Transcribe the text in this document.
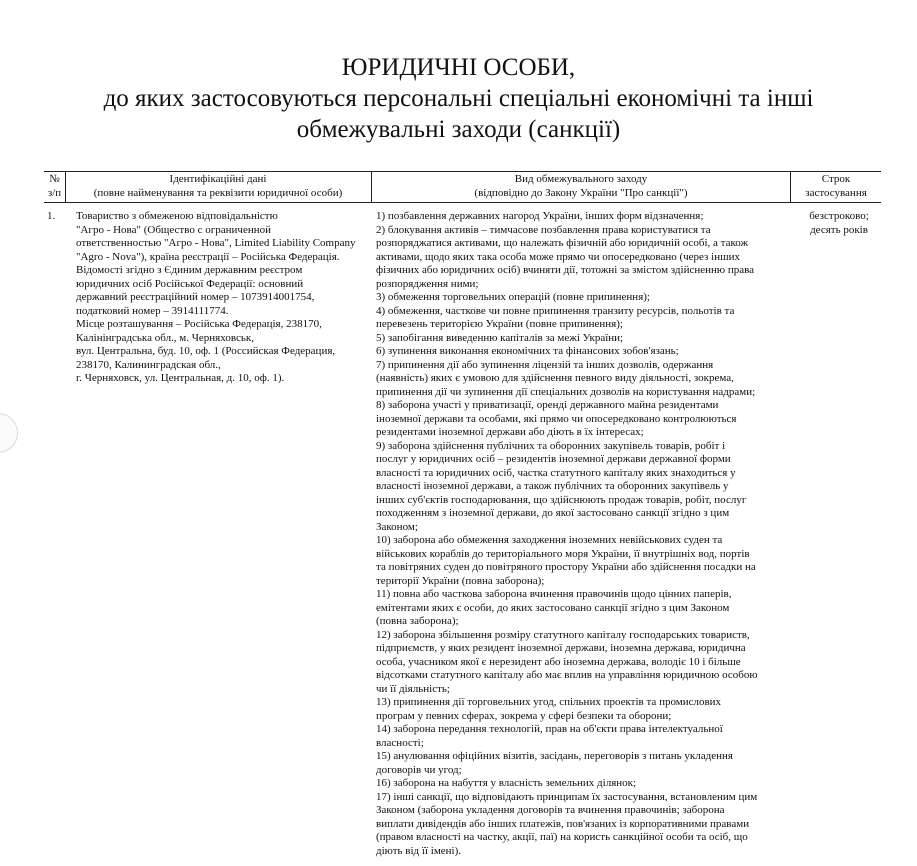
ЮРИДИЧНІ ОСОБИ,
до яких застосовуються персональні спеціальні економічні та інші
обмежувальні заходи (санкції)
№
з/п
Ідентифікаційні дані
(повне найменування та реквізити юридичної особи)
Вид обмежувального заходу
(відповідно до Закону України "Про санкції")
Строк
застосування
1.	Товариство з обмеженою відповідальністю
"Агро - Нова" (Общество с ограниченной
ответственностью "Агро - Нова", Limited Liability Company
"Agro - Nova"), країна реєстрації – Російська Федерація.
Відомості згідно з Єдиним державним реєстром
юридичних осіб Російської Федерації: основний
державний реєстраційний номер – 1073914001754,
податковий номер – 3914111774.
Місце розташування – Російська Федерація, 238170,
Калінінградська обл., м. Черняховськ,
вул. Центральна, буд. 10, оф. 1 (Российская Федерация,
238170, Калининградская обл.,
г. Черняховск, ул. Центральная, д. 10, оф. 1).
1) позбавлення державних нагород України, інших форм відзначення;
2) блокування активів – тимчасове позбавлення права користуватися та
розпоряджатися активами, що належать фізичній або юридичній особі, а також
активами, щодо яких така особа може прямо чи опосередковано (через інших
фізичних або юридичних осіб) вчиняти дії, тотожні за змістом здійсненню права
розпорядження ними;
3) обмеження торговельних операцій (повне припинення);
4) обмеження, часткове чи повне припинення транзиту ресурсів, польотів та
перевезень територією України (повне припинення);
5) запобігання виведенню капіталів за межі України;
6) зупинення виконання економічних та фінансових зобов'язань;
7) припинення дії або зупинення ліцензій та інших дозволів, одержання
(наявність) яких є умовою для здійснення певного виду діяльності, зокрема,
припинення дії чи зупинення дії спеціальних дозволів на користування надрами;
8) заборона участі у приватизації, оренді державного майна резидентами
іноземної держави та особами, які прямо чи опосередковано контролюються
резидентами іноземної держави або діють в їх інтересах;
9) заборона здійснення публічних та оборонних закупівель товарів, робіт і
послуг у юридичних осіб – резидентів іноземної держави державної форми
власності та юридичних осіб, частка статутного капіталу яких знаходиться у
власності іноземної держави, а також публічних та оборонних закупівель у
інших суб'єктів господарювання, що здійснюють продаж товарів, робіт, послуг
походженням з іноземної держави, до якої застосовано санкції згідно з цим
Законом;
10) заборона або обмеження заходження іноземних невійськових суден та
військових кораблів до територіального моря України, її внутрішніх вод, портів
та повітряних суден до повітряного простору України або здійснення посадки на
території України (повна заборона);
11) повна або часткова заборона вчинення правочинів щодо цінних паперів,
емітентами яких є особи, до яких застосовано санкції згідно з цим Законом
(повна заборона);
12) заборона збільшення розміру статутного капіталу господарських товариств,
підприємств, у яких резидент іноземної держави, іноземна держава, юридична
особа, учасником якої є нерезидент або іноземна держава, володіє 10 і більше
відсотками статутного капіталу або має вплив на управління юридичною особою
чи її діяльність;
13) припинення дії торговельних угод, спільних проектів та промислових
програм у певних сферах, зокрема у сфері безпеки та оборони;
14) заборона передання технологій, прав на об'єкти права інтелектуальної
власності;
15) анулювання офіційних візитів, засідань, переговорів з питань укладення
договорів чи угод;
16) заборона на набуття у власність земельних ділянок;
17) інші санкції, що відповідають принципам їх застосування, встановленим цим
Законом (заборона укладення договорів та вчинення правочинів; заборона
виплати дивідендів або інших платежів, пов'язаних із корпоративними правами
(правом власності на частку, акції, паї) на користь санкційної особи та осіб, що
діють від її імені).
безстроково;
десять років
